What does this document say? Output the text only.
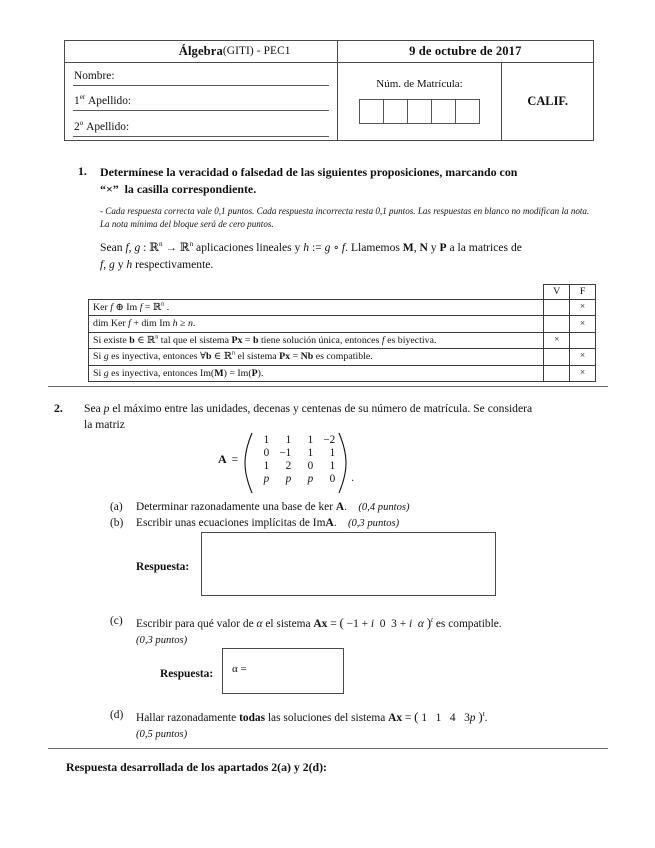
Álgebra (GITI) - PEC1	9 de octubre de 2017	

Nombre:
1er Apellido:
2$^o$ Apellido:	Núm. de Matrícula:	CALIF.
1. Determínese la veracidad o falsedad de las siguientes proposiciones, marcando con
“×”  la casilla correspondiente.
- Cada respuesta correcta vale 0,1 puntos. Cada respuesta incorrecta resta 0,1 puntos. Las respuestas en blanco no modifican la nota. La nota mínima del bloque será de cero puntos.
Sean f, g : ℝ$^n$ → ℝ$^n$ aplicaciones lineales y h := g ∘ f. Llamemos M, N y P a la matrices de
f, g y h respectivamente.
	V	F
Ker f ⊕ Im f = ℝ$^n$ .		×
dim Ker f + dim Im h ≥ n.		×
Si existe b ∈ ℝ$^n$ tal que el sistema Px = b tiene solución única, entonces f es biyectiva.	×	
Si g es inyectiva, entonces ∀b ∈ ℝ$^n$ el sistema Px = Nb es compatible.		×
Si g es inyectiva, entonces Im(M) = Im(P).		×
2. Sea p el máximo entre las unidades, decenas y centenas de su número de matrícula. Se considera
la matriz
A =
1	1	1 −2
0 −1	1	1
1	2	0	1
p	p	p	0 .
(a)	Determinar razonadamente una base de ker A.    (0,4 puntos)
(b)	Escribir unas ecuaciones implícitas de ImA.    (0,3 puntos)
Respuesta:
(c)	Escribir para qué valor de α el sistema Ax = ( −1 + i  0  3 + i α )$^t$ es compatible.
(0,3 puntos)
Respuesta: α =
(d)	Hallar razonadamente todas las soluciones del sistema Ax = ( 1   1   4   3p )$^t$.
(0,5 puntos)
Respuesta desarrollada de los apartados 2(a) y 2(d):
